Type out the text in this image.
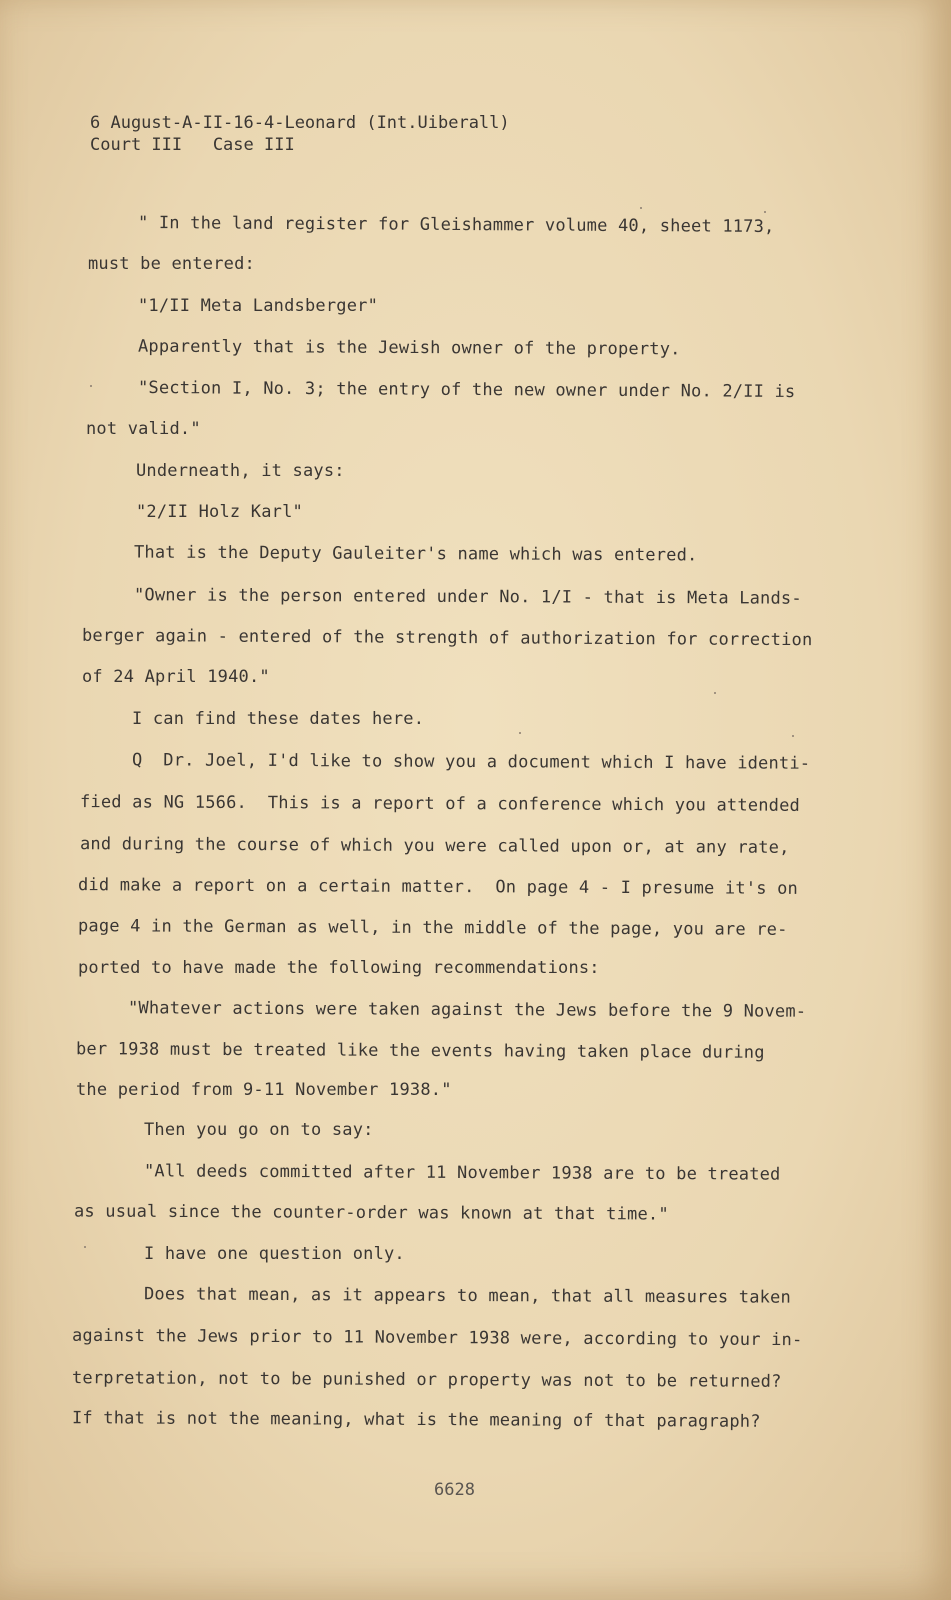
6 August-A-II-16-4-Leonard (Int.Uiberall)
Court III   Case III
" In the land register for Gleishammer volume 40, sheet 1173,
must be entered:
"1/II Meta Landsberger"
Apparently that is the Jewish owner of the property.
"Section I, No. 3; the entry of the new owner under No. 2/II is
not valid."
Underneath, it says:
"2/II Holz Karl"
That is the Deputy Gauleiter's name which was entered.
"Owner is the person entered under No. 1/I - that is Meta Lands-
berger again - entered of the strength of authorization for correction
of 24 April 1940."
I can find these dates here.
Q  Dr. Joel, I'd like to show you a document which I have identi-
fied as NG 1566.  This is a report of a conference which you attended
and during the course of which you were called upon or, at any rate,
did make a report on a certain matter.  On page 4 - I presume it's on
page 4 in the German as well, in the middle of the page, you are re-
ported to have made the following recommendations:
"Whatever actions were taken against the Jews before the 9 Novem-
ber 1938 must be treated like the events having taken place during
the period from 9-11 November 1938."
Then you go on to say:
"All deeds committed after 11 November 1938 are to be treated
as usual since the counter-order was known at that time."
I have one question only.
Does that mean, as it appears to mean, that all measures taken
against the Jews prior to 11 November 1938 were, according to your in-
terpretation, not to be punished or property was not to be returned?
If that is not the meaning, what is the meaning of that paragraph?
6628
